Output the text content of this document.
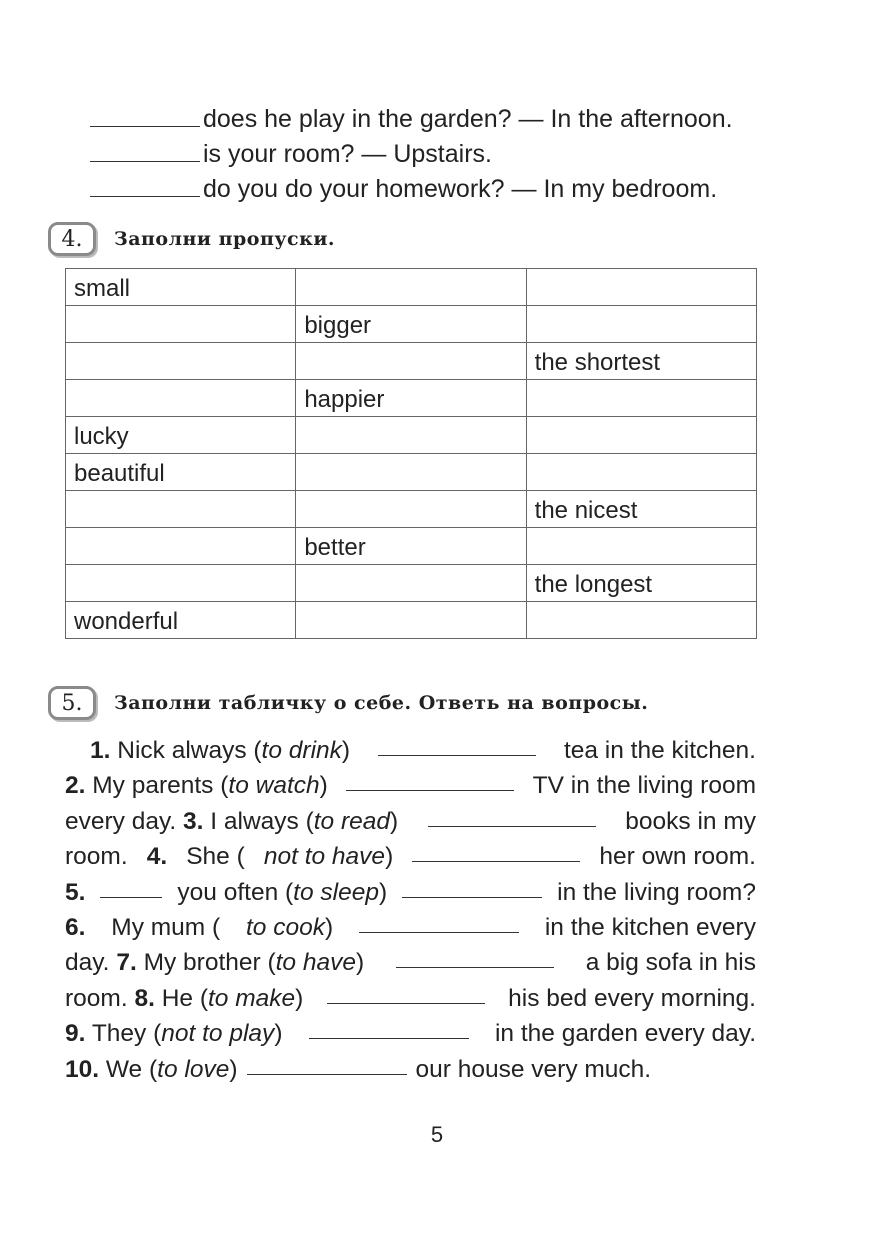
does he play in the garden? — In the afternoon.
is your room? — Upstairs.
do you do your homework? — In my bedroom.
4.	Заполни пропуски.
small		
	bigger	
		the shortest
	happier	
lucky		
beautiful		
		the nicest
	better	
		the longest
wonderful		
5.	Заполни табличку о себе. Ответь на вопросы.
1. Nick always (to drink)	tea in the kitchen.
2. My parents (to watch)	TV in the living room
every day. 3. I always (to read)	books in my
room. 4. She ( not to have)	her own room.
5.	you often (to sleep)	in the living room?
6. My mum ( to cook)	in the kitchen every
day. 7. My brother (to have)	a big sofa in his
room. 8. He (to make)	his bed every morning.
9. They (not to play)	in the garden every day.
10. We (to love)	our house very much.
5
